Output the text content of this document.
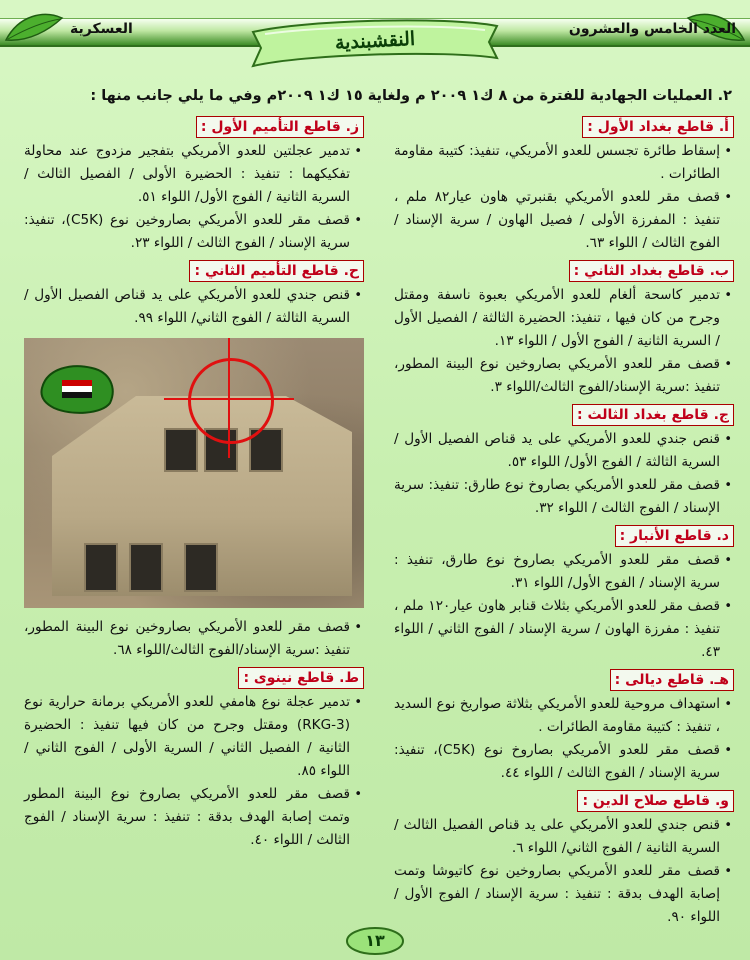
العدد الخامس والعشرون
العسكرية	النقشبندية
٢. العمليات الجهادية للفترة من ٨ ك١ ٢٠٠٩ م ولغاية ١٥ ك١ ٢٠٠٩م وفي ما يلي جانب منها :
أ. قاطع بغداد الأول :

• إسقاط طائرة تجسس للعدو الأمريكي، تنفيذ: كتيبة مقاومة الطائرات .

• قصف مقر للعدو الأمريكي بقنبرتي هاون عيار٨٢ ملم ، تنفيذ : المفرزة الأولى / فصيل الهاون / سرية الإسناد / الفوج الثالث / اللواء ٦٣.

ب. قاطع بغداد الثاني :

• تدمير كاسحة ألغام للعدو الأمريكي بعبوة ناسفة ومقتل وجرح من كان فيها ، تنفيذ: الحضيرة الثالثة / الفصيل الأول / السرية الثانية / الفوج الأول / اللواء ١٣.

• قصف مقر للعدو الأمريكي بصاروخين نوع البينة المطور، تنفيذ :سرية الإسناد/الفوج الثالث/اللواء ٣.

ج. قاطع بغداد الثالث :

• قنص جندي للعدو الأمريكي على يد قناص الفصيل الأول / السرية الثالثة / الفوج الأول/ اللواء ٥٣.

• قصف مقر للعدو الأمريكي بصاروخ نوع طارق: تنفيذ: سرية الإسناد / الفوج الثالث / اللواء ٣٢.

د. قاطع الأنبار :

• قصف مقر للعدو الأمريكي بصاروخ نوع طارق، تنفيذ : سرية الإسناد / الفوج الأول/ اللواء ٣١.

• قصف مقر للعدو الأمريكي بثلاث قنابر هاون عيار١٢٠ ملم ، تنفيذ : مفرزة الهاون / سرية الإسناد / الفوج الثاني / اللواء ٤٣.

هـ. قاطع ديالى :

• استهداف مروحية للعدو الأمريكي بثلاثة صواريخ نوع السديد ، تنفيذ : كتيبة مقاومة الطائرات .

• قصف مقر للعدو الأمريكي بصاروخ نوع (C5K)، تنفيذ: سرية الإسناد / الفوج الثالث / اللواء ٤٤.

و. قاطع صلاح الدين :

• قنص جندي للعدو الأمريكي على يد قناص الفصيل الثالث / السرية الثانية / الفوج الثاني/ اللواء ٦.

• قصف مقر للعدو الأمريكي بصاروخين نوع كاتيوشا وتمت إصابة الهدف بدقة : تنفيذ : سرية الإسناد / الفوج الأول / اللواء ٩٠.

ز. قاطع التأميم الأول :

• تدمير عجلتين للعدو الأمريكي بتفجير مزدوج عند محاولة تفكيكهما : تنفيذ : الحضيرة الأولى / الفصيل الثالث / السرية الثانية / الفوج الأول/ اللواء ٥١.

• قصف مقر للعدو الأمريكي بصاروخين نوع (C5K)، تنفيذ: سرية الإسناد / الفوج الثالث / اللواء ٢٣.

ح. قاطع التأميم الثاني :

• قنص جندي للعدو الأمريكي على يد قناص الفصيل الأول / السرية الثالثة / الفوج الثاني/ اللواء ٩٩.

• قصف مقر للعدو الأمريكي بصاروخين نوع البينة المطور، تنفيذ :سرية الإسناد/الفوج الثالث/اللواء ٦٨.

ط. قاطع نينوى :

• تدمير عجلة نوع هامفي للعدو الأمريكي برمانة حرارية نوع (RKG-3) ومقتل وجرح من كان فيها تنفيذ : الحضيرة الثانية / الفصيل الثاني / السرية الأولى / الفوج الثاني / اللواء ٨٥.

• قصف مقر للعدو الأمريكي بصاروخ نوع البينة المطور وتمت إصابة الهدف بدقة : تنفيذ : سرية الإسناد / الفوج الثالث / اللواء ٤٠.

١٣
